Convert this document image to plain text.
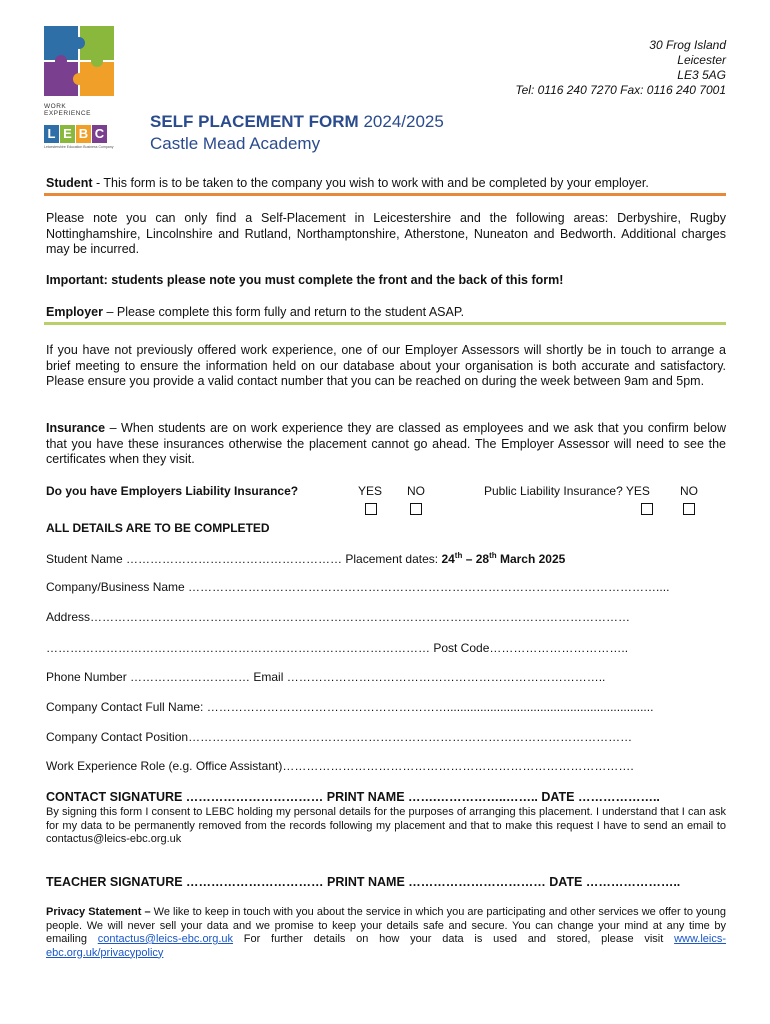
WORK EXPERIENCE
L E B C
Leicestershire Education Business Company
30 Frog Island
Leicester
LE3 5AG
Tel: 0116 240 7270 Fax: 0116 240 7001
SELF PLACEMENT FORM 2024/2025
Castle Mead Academy
Student - This form is to be taken to the company you wish to work with and be completed by your employer.
Please note you can only find a Self-Placement in Leicestershire and the following areas: Derbyshire, Rugby Nottinghamshire, Lincolnshire and Rutland, Northamptonshire, Atherstone, Nuneaton and Bedworth. Additional charges may be incurred.
Important: students please note you must complete the front and the back of this form!
Employer – Please complete this form fully and return to the student ASAP.
If you have not previously offered work experience, one of our Employer Assessors will shortly be in touch to arrange a brief meeting to ensure the information held on our database about your organisation is both accurate and satisfactory. Please ensure you provide a valid contact number that you can be reached on during the week between 9am and 5pm.
Insurance – When students are on work experience they are classed as employees and we ask that you confirm below that you have these insurances otherwise the placement cannot go ahead. The Employer Assessor will need to see the certificates when they visit.
Do you have Employers Liability Insurance?	YES NO	Public Liability Insurance? YES	NO
ALL DETAILS ARE TO BE COMPLETED
Student Name ……………………………………………… Placement dates: 24th – 28th March 2025
Company/Business Name ………………………………………………………………………………………………………....
Address………………………………………………………………………………………………………………………
…………………………………………………………………………………… Post Code……………………………..
Phone Number ………………………… Email ……………………………………………………………………..
Company Contact Full Name: ……………………………………………………..............................................................
Company Contact Position…………………………………………………………………………………………………
Work Experience Role (e.g. Office Assistant)…………………………………………………………………………….
CONTACT SIGNATURE …………………………… PRINT NAME …….……………..…….. DATE ………………..
By signing this form I consent to LEBC holding my personal details for the purposes of arranging this placement. I understand that I can ask for my data to be permanently removed from the records following my placement and that to make this request I have to send an email to contactus@leics-ebc.org.uk
TEACHER SIGNATURE …………………………… PRINT NAME …………………………… DATE …………………..
Privacy Statement – We like to keep in touch with you about the service in which you are participating and other services we offer to young people. We will never sell your data and we promise to keep your details safe and secure. You can change your mind at any time by emailing contactus@leics-ebc.org.uk For further details on how your data is used and stored, please visit www.leics-ebc.org.uk/privacypolicy
